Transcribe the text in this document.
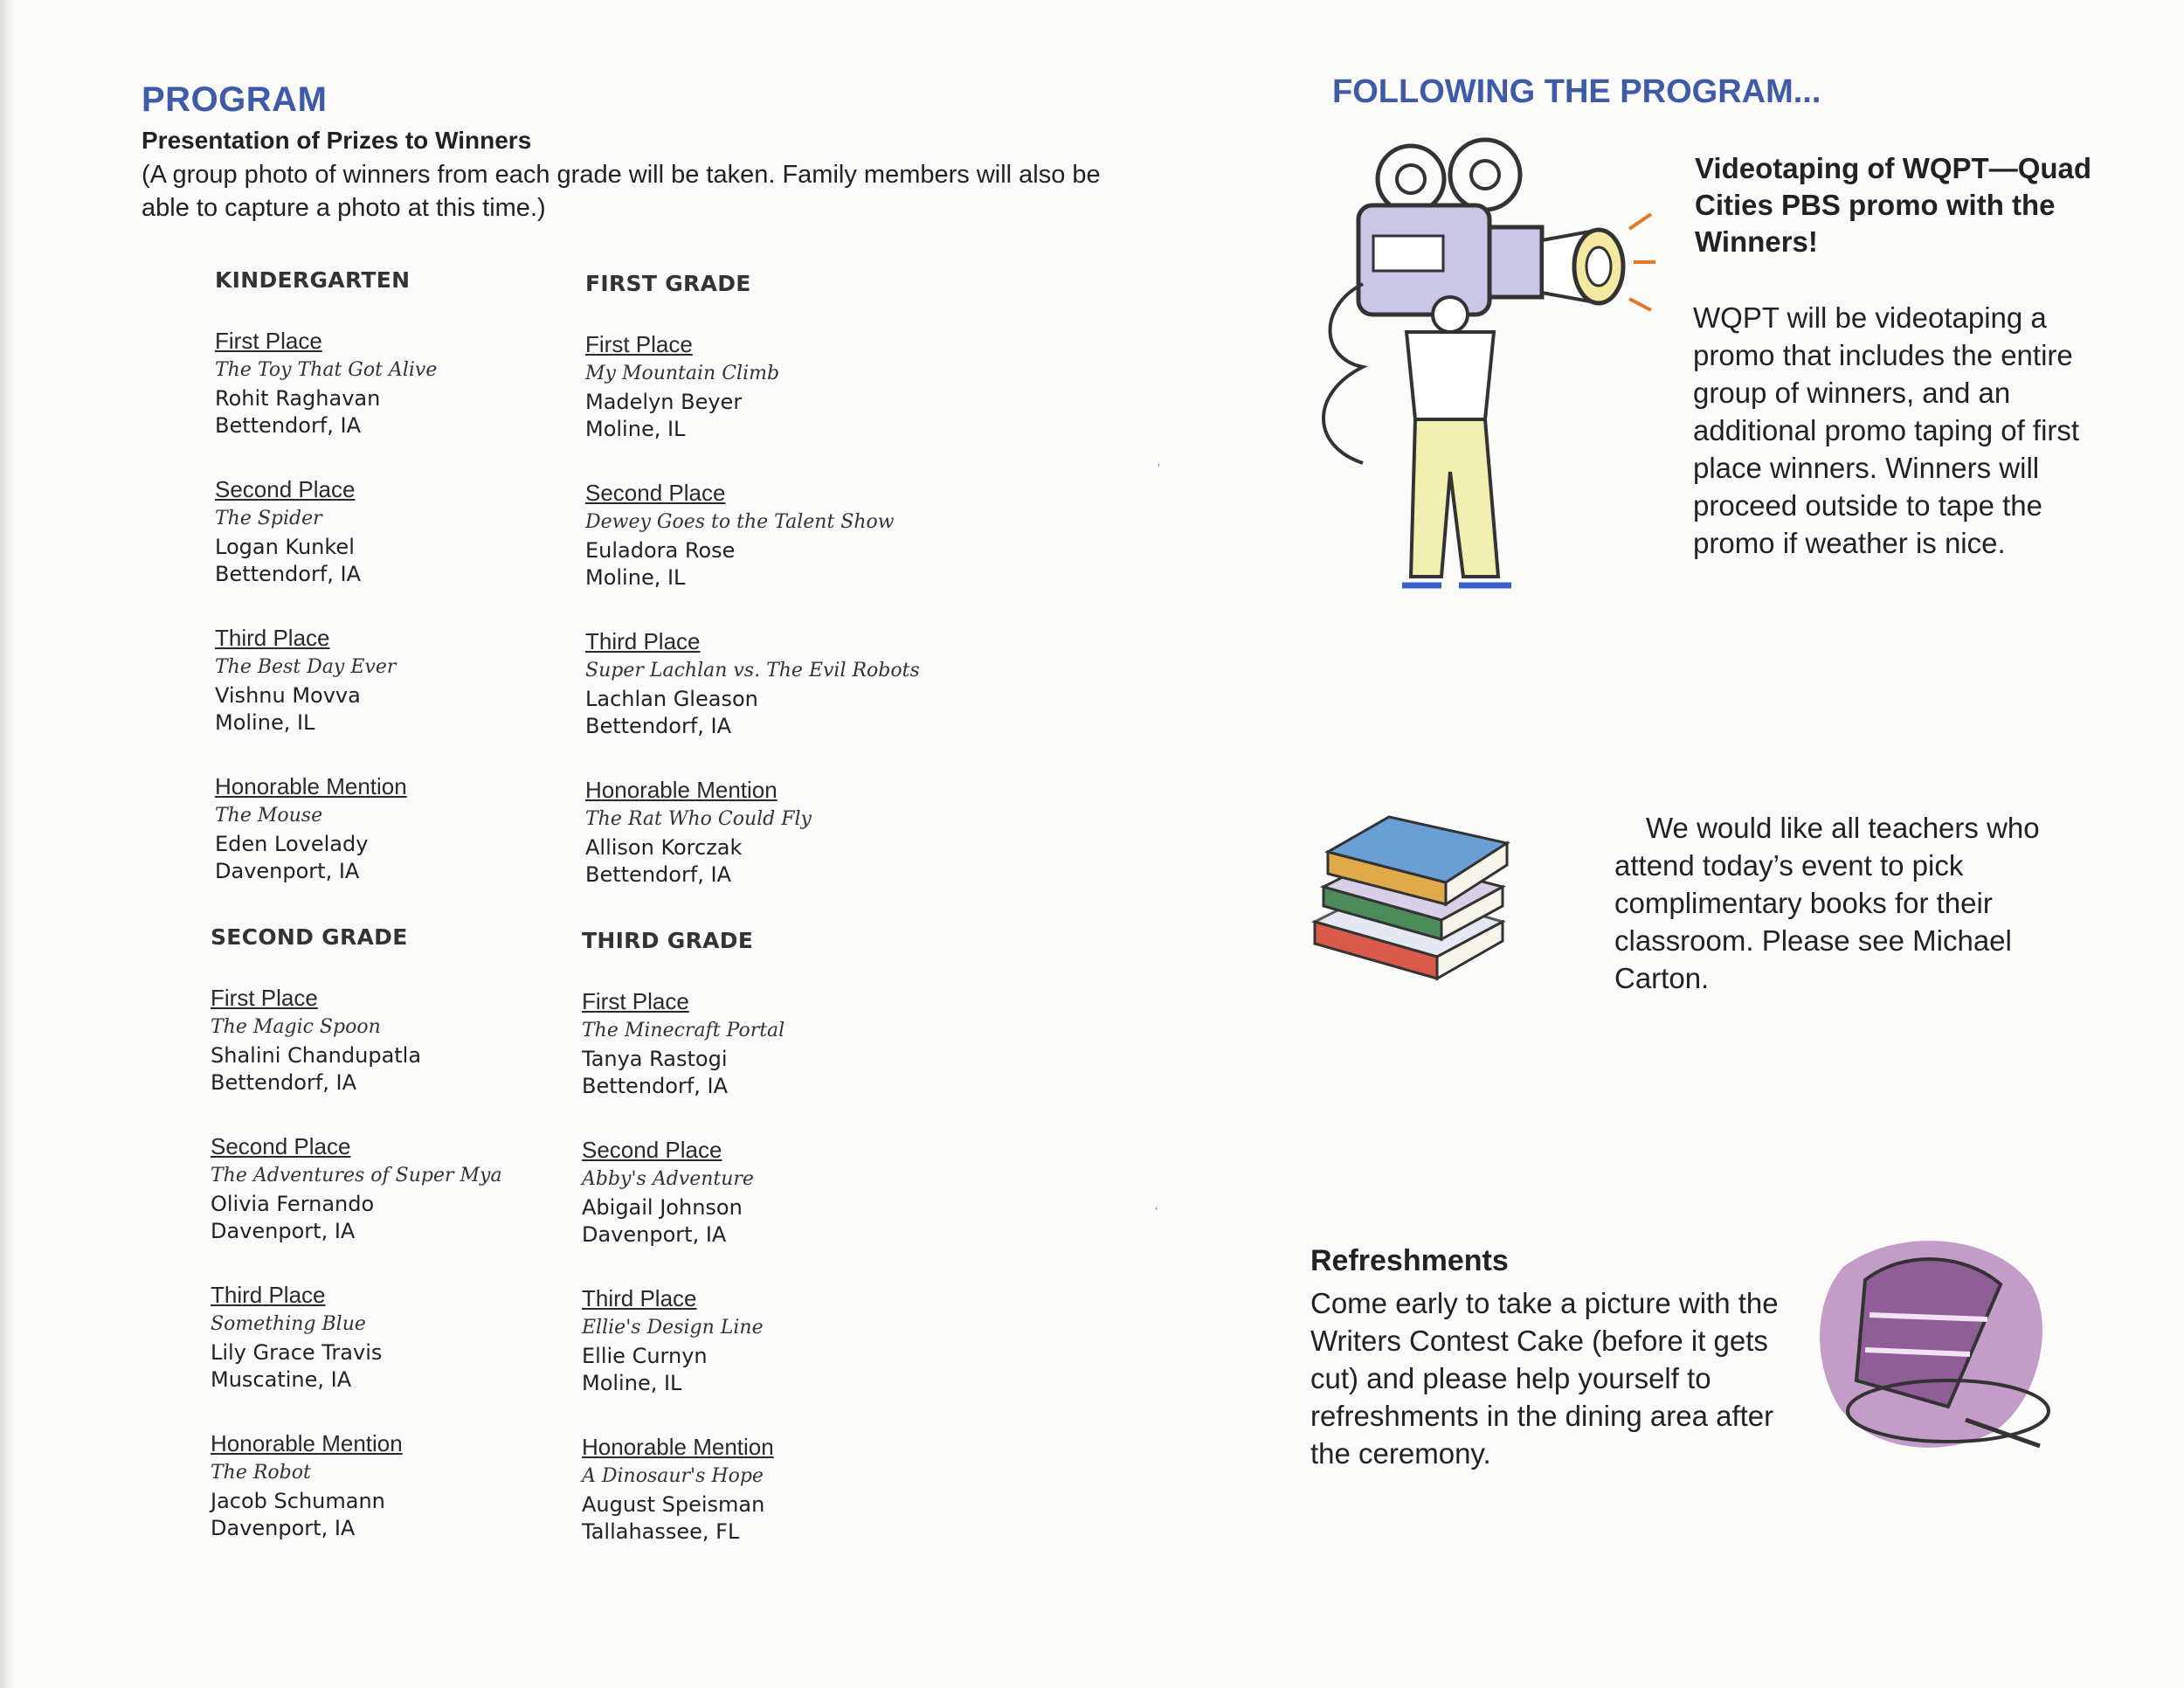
‘
‘
PROGRAM
Presentation of Prizes to Winners
(A group photo of winners from each grade will be taken. Family members will also be able to capture a photo at this time.)
KINDERGARTEN
First Place
The Toy That Got Alive
Rohit Raghavan
Bettendorf, IA
Second Place
The Spider
Logan Kunkel
Bettendorf, IA
Third Place
The Best Day Ever
Vishnu Movva
Moline, IL
Honorable Mention
The Mouse
Eden Lovelady
Davenport, IA
FIRST GRADE
First Place
My Mountain Climb
Madelyn Beyer
Moline, IL
Second Place
Dewey Goes to the Talent Show
Euladora Rose
Moline, IL
Third Place
Super Lachlan vs. The Evil Robots
Lachlan Gleason
Bettendorf, IA
Honorable Mention
The Rat Who Could Fly
Allison Korczak
Bettendorf, IA
SECOND GRADE
First Place
The Magic Spoon
Shalini Chandupatla
Bettendorf, IA
Second Place
The Adventures of Super Mya
Olivia Fernando
Davenport, IA
Third Place
Something Blue
Lily Grace Travis
Muscatine, IA
Honorable Mention
The Robot
Jacob Schumann
Davenport, IA
THIRD GRADE
First Place
The Minecraft Portal
Tanya Rastogi
Bettendorf, IA
Second Place
Abby's Adventure
Abigail Johnson
Davenport, IA
Third Place
Ellie's Design Line
Ellie Curnyn
Moline, IL
Honorable Mention
A Dinosaur's Hope
August Speisman
Tallahassee, FL
FOLLOWING THE PROGRAM...
Videotaping of WQPT—Quad Cities PBS promo with the Winners!
WQPT will be videotaping a promo that includes the entire group of winners, and an additional promo taping of first place winners. Winners will proceed outside to tape the promo if weather is nice.
We would like all teachers who attend today’s event to pick complimentary books for their classroom. Please see Michael Carton.
Refreshments
Come early to take a picture with the Writers Contest Cake (before it gets cut) and please help yourself to refreshments in the dining area after the ceremony.
